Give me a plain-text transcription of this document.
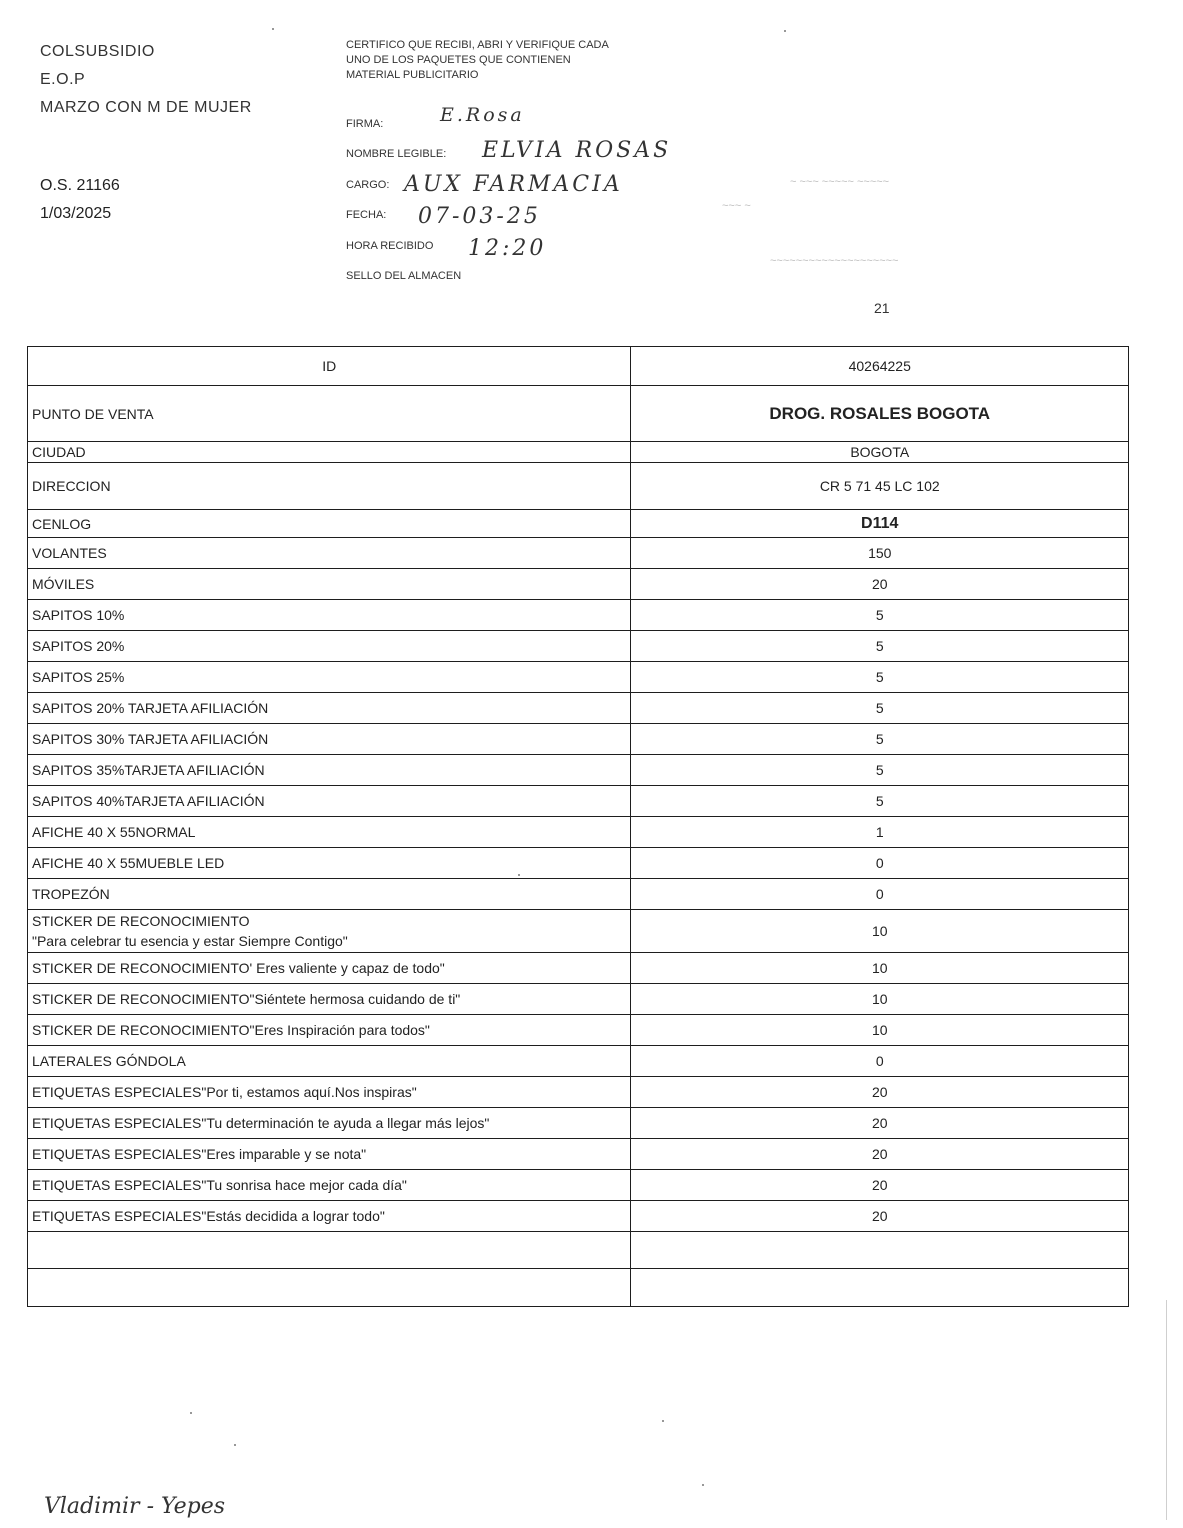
COLSUBSIDIO
E.O.P
MARZO CON M DE MUJER
O.S. 21166
1/03/2025
CERTIFICO QUE RECIBI, ABRI Y VERIFIQUE CADA UNO DE LOS PAQUETES QUE CONTIENEN MATERIAL PUBLICITARIO
FIRMA:	E.Rosa
NOMBRE LEGIBLE: ELVIA ROSAS
CARGO: AUX FARMACIA
FECHA: 07-03-25
HORA RECIBIDO 12:20
SELLO DEL ALMACEN
~ ~~~ ~~~~~ ~~~~~
~~~ ~
~~~~~~~~~~~~~~~~~~~~
21
ID	40264225
PUNTO DE VENTA	DROG. ROSALES BOGOTA
CIUDAD	BOGOTA
DIRECCION	CR 5 71 45 LC 102
CENLOG	D114
VOLANTES	150
MÓVILES	20
SAPITOS 10%	5
SAPITOS 20%	5
SAPITOS 25%	5
SAPITOS 20% TARJETA AFILIACIÓN	5
SAPITOS 30% TARJETA AFILIACIÓN	5
SAPITOS 35%TARJETA AFILIACIÓN	5
SAPITOS 40%TARJETA AFILIACIÓN	5
AFICHE 40 X 55NORMAL	1
AFICHE 40 X 55MUEBLE LED	0
TROPEZÓN	0

STICKER DE RECONOCIMIENTO
"Para celebrar tu esencia y estar Siempre Contigo"	10
STICKER DE RECONOCIMIENTO' Eres valiente y capaz de todo"	10
STICKER DE RECONOCIMIENTO"Siéntete hermosa cuidando de ti"	10
STICKER DE RECONOCIMIENTO"Eres Inspiración para todos"	10
LATERALES GÓNDOLA	0
ETIQUETAS ESPECIALES"Por ti, estamos aquí.Nos inspiras"	20
ETIQUETAS ESPECIALES"Tu determinación te ayuda a llegar más lejos"	20
ETIQUETAS ESPECIALES"Eres imparable y se nota"	20
ETIQUETAS ESPECIALES"Tu sonrisa hace mejor cada día"	20
ETIQUETAS ESPECIALES"Estás decidida a lograr todo"	20

Vladimir - Yepes
